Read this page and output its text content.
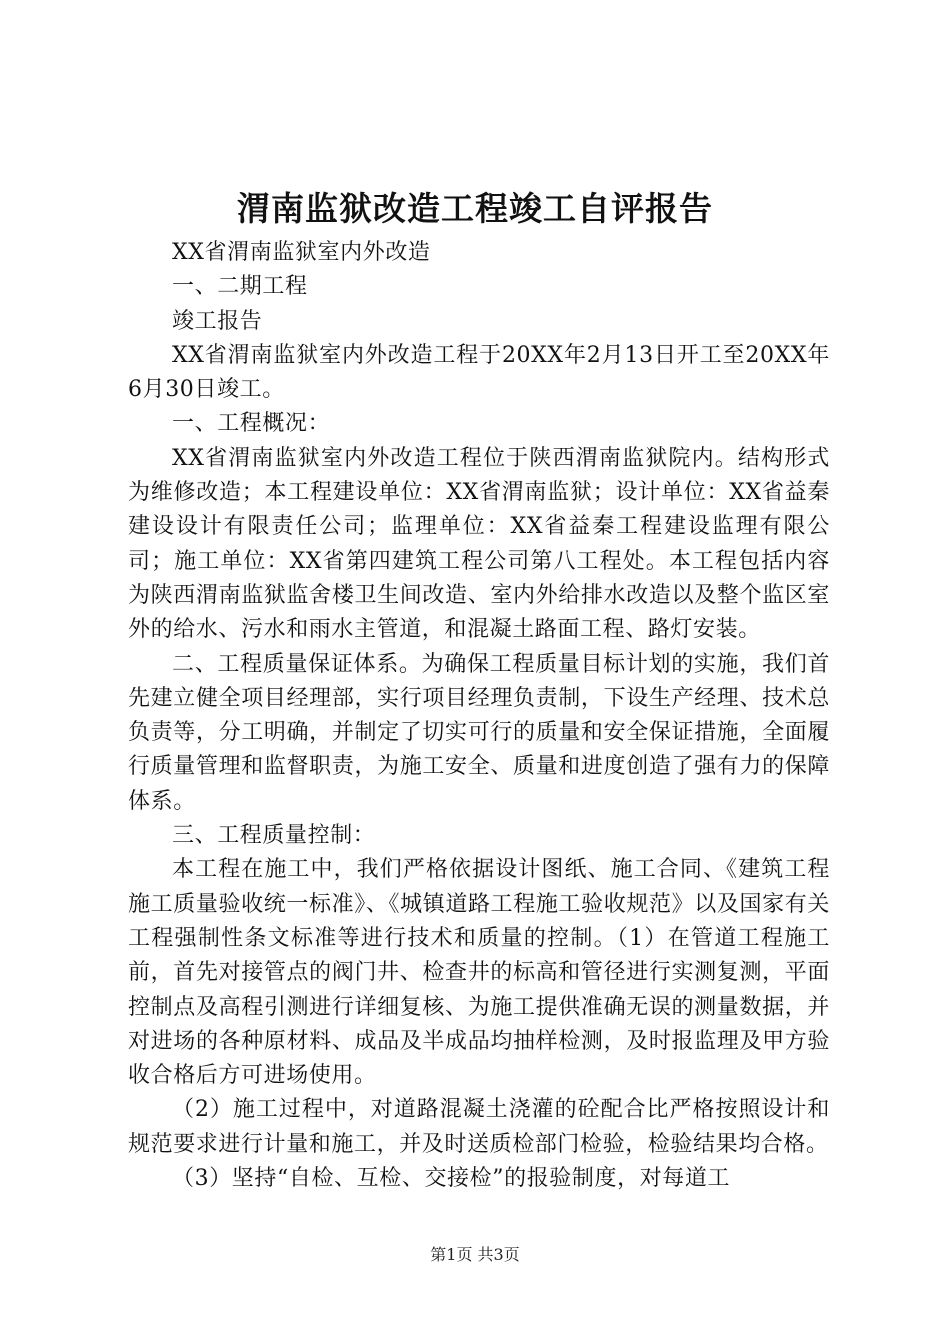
渭南监狱改造工程竣工自评报告

XX省渭南监狱室内外改造

一、二期工程

竣工报告

XX省渭南监狱室内外改造工程于20XX年2月13日开工至20XX年6月30日竣工。

一、工程概况：

XX省渭南监狱室内外改造工程位于陕西渭南监狱院内。结构形式为维修改造；本工程建设单位：XX省渭南监狱；设计单位：XX省益秦建设设计有限责任公司；监理单位：XX省益秦工程建设监理有限公司；施工单位：XX省第四建筑工程公司第八工程处。本工程包括内容为陕西渭南监狱监舍楼卫生间改造、室内外给排水改造以及整个监区室外的给水、污水和雨水主管道，和混凝土路面工程、路灯安装。

二、工程质量保证体系。为确保工程质量目标计划的实施，我们首先建立健全项目经理部，实行项目经理负责制，下设生产经理、技术总负责等，分工明确，并制定了切实可行的质量和安全保证措施，全面履行质量管理和监督职责，为施工安全、质量和进度创造了强有力的保障体系。

三、工程质量控制：

本工程在施工中，我们严格依据设计图纸、施工合同、《建筑工程施工质量验收统一标准》、《城镇道路工程施工验收规范》以及国家有关工程强制性条文标准等进行技术和质量的控制。（1）在管道工程施工前，首先对接管点的阀门井、检查井的标高和管径进行实测复测，平面控制点及高程引测进行详细复核、为施工提供准确无误的测量数据，并对进场的各种原材料、成品及半成品均抽样检测，及时报监理及甲方验收合格后方可进场使用。

（2）施工过程中，对道路混凝土浇灌的砼配合比严格按照设计和规范要求进行计量和施工，并及时送质检部门检验，检验结果均合格。

（3）坚持“自检、互检、交接检”的报验制度，对每道工

第1页 共3页
